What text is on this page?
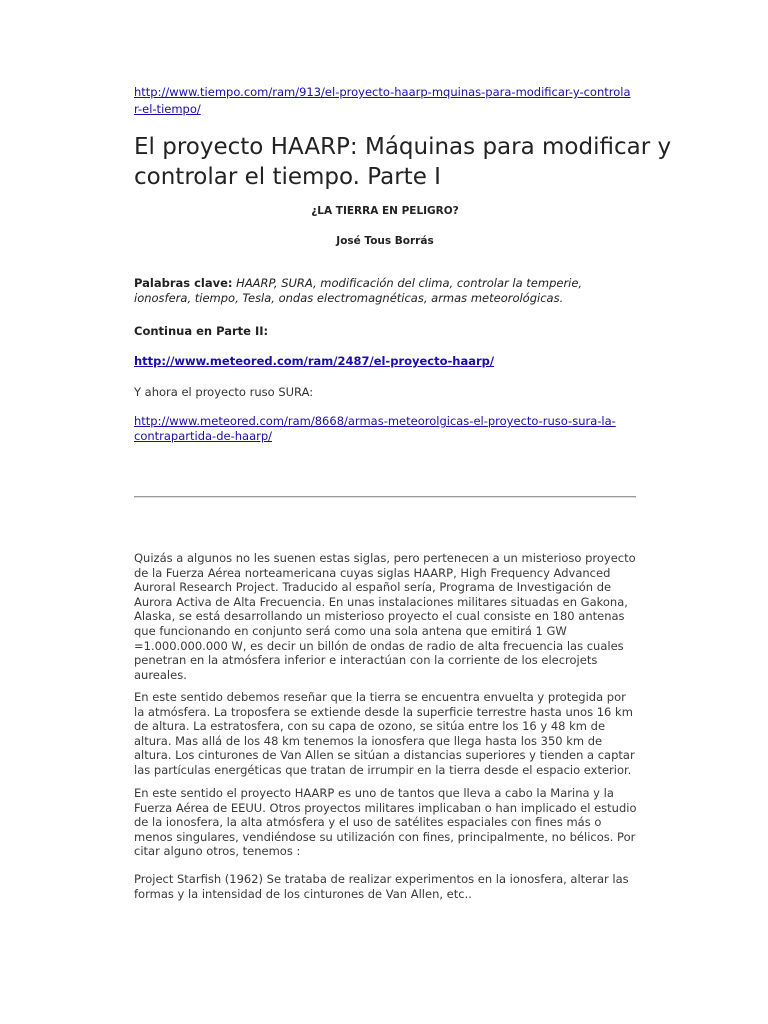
http://www.tiempo.com/ram/913/el-proyecto-haarp-mquinas-para-modificar-y-controlar-el-tiempo/
El proyecto HAARP: Máquinas para modificar y controlar el tiempo. Parte I
¿LA TIERRA EN PELIGRO?
José Tous Borrás
Palabras clave: HAARP, SURA, modificación del clima, controlar la temperie, ionosfera, tiempo, Tesla, ondas electromagnéticas, armas meteorológicas.
Continua en Parte II:
http://www.meteored.com/ram/2487/el-proyecto-haarp/
Y ahora el proyecto ruso SURA:
http://www.meteored.com/ram/8668/armas-meteorolgicas-el-proyecto-ruso-sura-la-contrapartida-de-haarp/

Quizás a algunos no les suenen estas siglas, pero pertenecen a un misterioso proyecto de la Fuerza Aérea norteamericana cuyas siglas HAARP, High Frequency Advanced Auroral Research Project. Traducido al español sería, Programa de Investigación de Aurora Activa de Alta Frecuencia. En unas instalaciones militares situadas en Gakona, Alaska, se está desarrollando un misterioso proyecto el cual consiste en 180 antenas que funcionando en conjunto será como una sola antena que emitirá 1 GW =1.000.000.000 W, es decir un billón de ondas de radio de alta frecuencia las cuales penetran en la atmósfera inferior e interactúan con la corriente de los elecrojets aureales.

En este sentido debemos reseñar que la tierra se encuentra envuelta y protegida por la atmósfera. La troposfera se extiende desde la superficie terrestre hasta unos 16 km de altura. La estratosfera, con su capa de ozono, se sitúa entre los 16 y 48 km de altura. Mas allá de los 48 km tenemos la ionosfera que llega hasta los 350 km de altura. Los cinturones de Van Allen se sitúan a distancias superiores y tienden a captar las partículas energéticas que tratan de irrumpir en la tierra desde el espacio exterior.

En este sentido el proyecto HAARP es uno de tantos que lleva a cabo la Marina y la Fuerza Aérea de EEUU. Otros proyectos militares implicaban o han implicado el estudio de la ionosfera, la alta atmósfera y el uso de satélites espaciales con fines más o menos singulares, vendiéndose su utilización con fines, principalmente, no bélicos. Por citar alguno otros, tenemos :

Project Starfish (1962) Se trataba de realizar experimentos en la ionosfera, alterar las formas y la intensidad de los cinturones de Van Allen, etc..
